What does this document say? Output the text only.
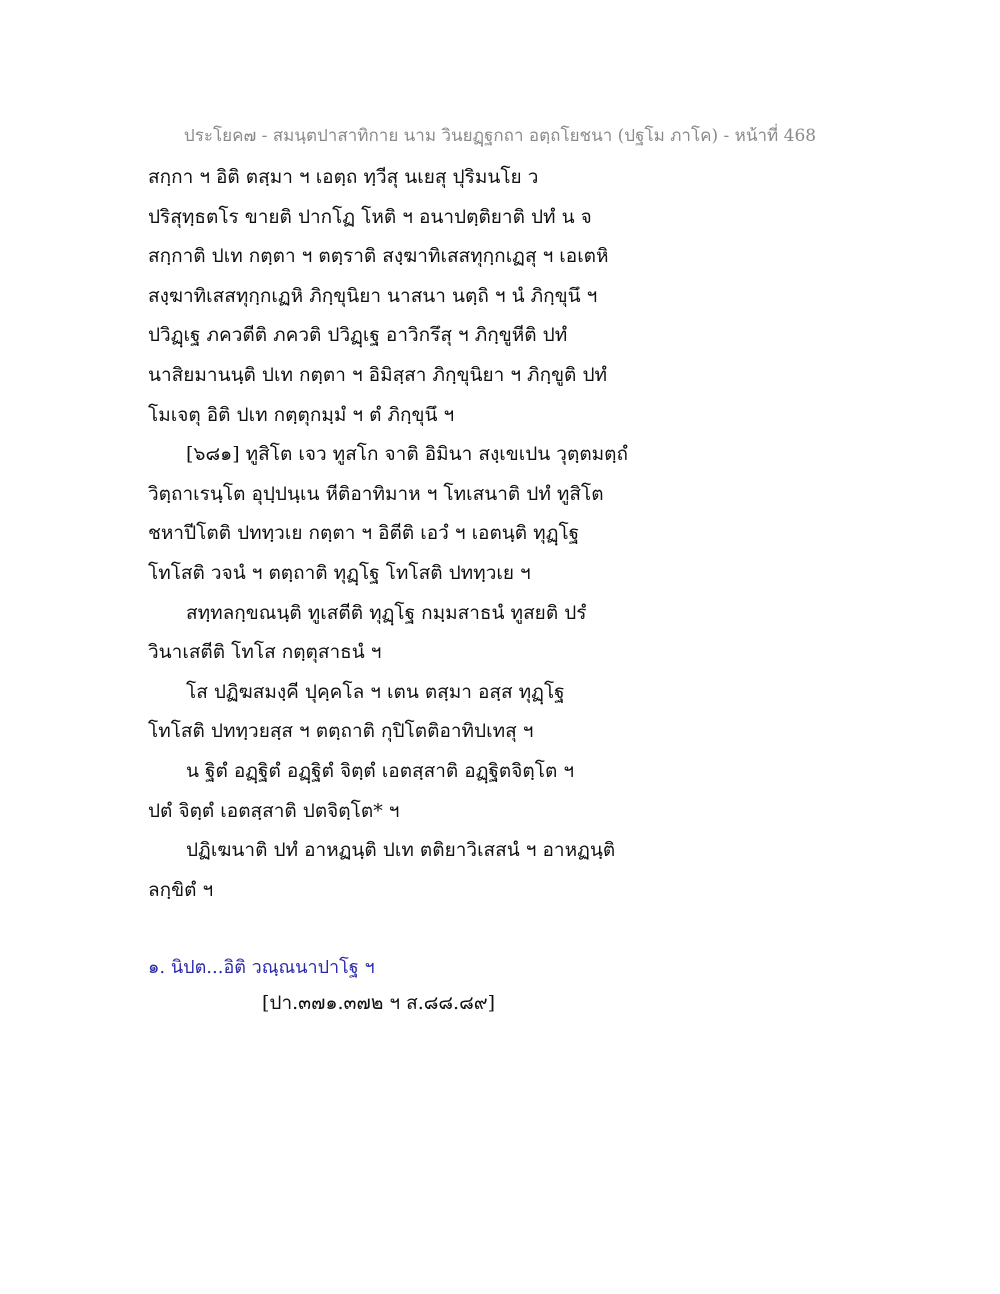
ประโยค๗ - สมนฺตปาสาทิกาย นาม วินยฏฺฐกถา อตฺถโยชนา (ปฐโม ภาโค) - หน้าที่ 468
สกฺกา ฯ อิติ ตสฺมา ฯ เอตฺถ ทฺวีสุ นเยสุ ปุริมนโย ว
ปริสุทฺธตโร ขายติ ปากโฏ โหติ ฯ อนาปตฺติยาติ ปทํ น จ
สกฺกาติ ปเท กตฺตา ฯ ตตฺราติ สงฺฆาทิเสสทุกฺกเฏสุ ฯ เอเตหิ
สงฺฆาทิเสสทุกฺกเฏหิ ภิกฺขุนิยา นาสนา นตฺถิ ฯ นํ ภิกฺขุนึ ฯ
ปวิฏฺเฐ ภควตีติ ภควติ ปวิฏฺเฐ อาวิกรึสุ ฯ ภิกฺขูหีติ ปทํ
นาสิยมานนฺติ ปเท กตฺตา ฯ อิมิสฺสา ภิกฺขุนิยา ฯ ภิกฺขูติ ปทํ
โมเจตุ อิติ ปเท กตฺตุกมฺมํ ฯ ตํ ภิกฺขุนึ ฯ
[๖๘๑] ทูสิโต เจว ทูสโก จาติ อิมินา สงฺเขเปน วุตฺตมตฺถํ
วิตฺถาเรนฺโต อุปฺปนฺเน หีติอาทิมาห ฯ โทเสนาติ ปทํ ทูสิโต
ชหาปีโตติ ปททฺวเย กตฺตา ฯ อิตีติ เอวํ ฯ เอตนฺติ ทุฏฺโฐ
โทโสติ วจนํ ฯ ตตฺถาติ ทุฏฺโฐ โทโสติ ปททฺวเย ฯ
สทฺทลกฺขณนฺติ ทูเสตีติ ทุฏฺโฐ กมฺมสาธนํ ทูสยติ ปรํ
วินาเสตีติ โทโส กตฺตุสาธนํ ฯ
โส ปฏิฆสมงฺคี ปุคฺคโล ฯ เตน ตสฺมา อสฺส ทุฏฺโฐ
โทโสติ ปททฺวยสฺส ฯ ตตฺถาติ กุปิโตติอาทิปเทสุ ฯ
น ฐิตํ อฏฺฐิตํ อฏฺฐิตํ จิตฺตํ เอตสฺสาติ อฏฺฐิตจิตฺโต ฯ
ปตํ จิตฺตํ เอตสฺสาติ ปตจิตฺโต* ฯ
ปฏิเฆนาติ ปทํ อาหฏนฺติ ปเท ตติยาวิเสสนํ ฯ อาหฏนฺติ
ลกฺขิตํ ฯ
๑. นิปต...อิติ วณฺณนาปาโฐ ฯ
[ปา.๓๗๑.๓๗๒ ฯ ส.๘๘.๘๙]
